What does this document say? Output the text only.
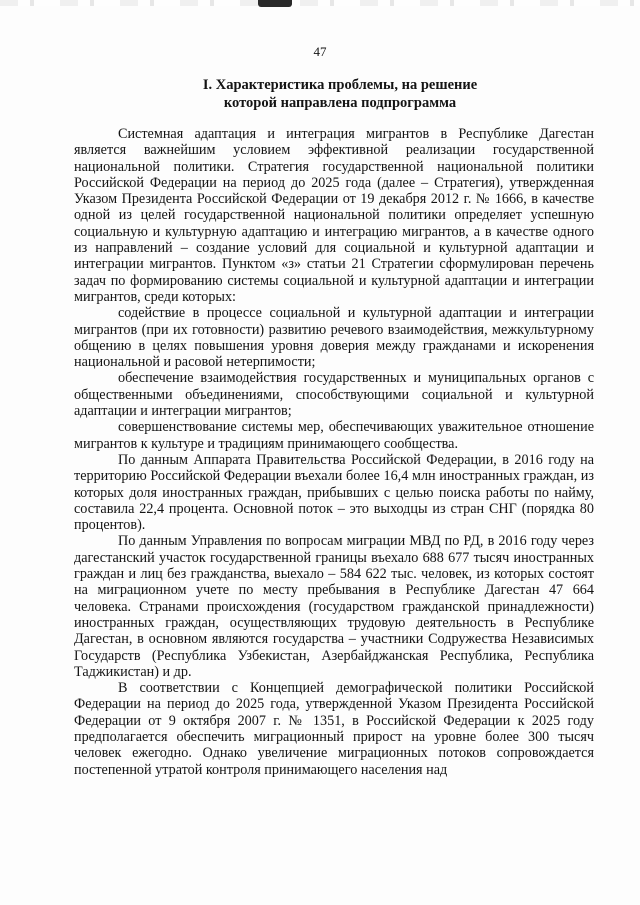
47
I. Характеристика проблемы, на решение
которой направлена подпрограмма

Системная адаптация и интеграция мигрантов в Республике Дагестан является важнейшим условием эффективной реализации государственной национальной политики. Стратегия государственной национальной политики Российской Федерации на период до 2025 года (далее – Стратегия), утвержденная Указом Президента Российской Федерации от 19 декабря 2012 г. № 1666, в качестве одной из целей государственной национальной политики определяет успешную социальную и культурную адаптацию и интеграцию мигрантов, а в качестве одного из направлений – создание условий для социальной и культурной адаптации и интеграции мигрантов. Пунктом «з» статьи 21 Стратегии сформулирован перечень задач по формированию системы социальной и культурной адаптации и интеграции мигрантов, среди которых:

содействие в процессе социальной и культурной адаптации и интеграции мигрантов (при их готовности) развитию речевого взаимодействия, межкультурному общению в целях повышения уровня доверия между гражданами и искоренения национальной и расовой нетерпимости;

обеспечение взаимодействия государственных и муниципальных органов с общественными объединениями, способствующими социальной и культурной адаптации и интеграции мигрантов;

совершенствование системы мер, обеспечивающих уважительное отношение мигрантов к культуре и традициям принимающего сообщества.

По данным Аппарата Правительства Российской Федерации, в 2016 году на территорию Российской Федерации въехали более 16,4 млн иностранных граждан, из которых доля иностранных граждан, прибывших с целью поиска работы по найму, составила 22,4 процента. Основной поток – это выходцы из стран СНГ (порядка 80 процентов).

По данным Управления по вопросам миграции МВД по РД, в 2016 году через дагестанский участок государственной границы въехало 688 677 тысяч иностранных граждан и лиц без гражданства, выехало – 584 622 тыс. человек, из которых состоят на миграционном учете по месту пребывания в Республике Дагестан 47 664 человека. Странами происхождения (государством гражданской принадлежности) иностранных граждан, осуществляющих трудовую деятельность в Республике Дагестан, в основном являются государства – участники Содружества Независимых Государств (Республика Узбекистан, Азербайджанская Республика, Республика Таджикистан) и др.

В соответствии с Концепцией демографической политики Российской Федерации на период до 2025 года, утвержденной Указом Президента Российской Федерации от 9 октября 2007 г. № 1351, в Российской Федерации к 2025 году предполагается обеспечить миграционный прирост на уровне более 300 тысяч человек ежегодно. Однако увеличение миграционных потоков сопровождается постепенной утратой контроля принимающего населения над
